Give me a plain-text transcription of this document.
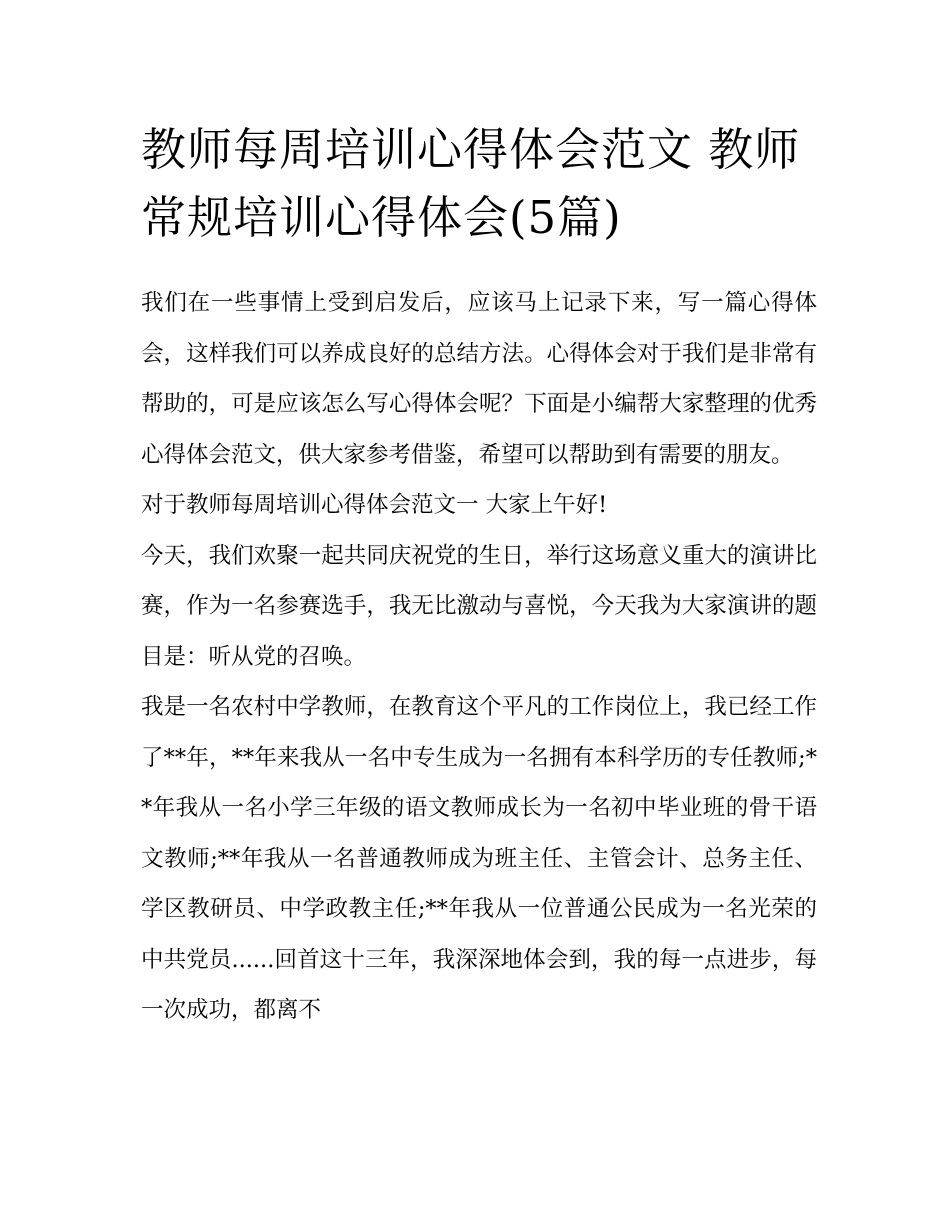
教师每周培训心得体会范文 教师常规培训心得体会(5篇)

我们在一些事情上受到启发后，应该马上记录下来，写一篇心得体会，这样我们可以养成良好的总结方法。心得体会对于我们是非常有帮助的，可是应该怎么写心得体会呢？下面是小编帮大家整理的优秀心得体会范文，供大家参考借鉴，希望可以帮助到有需要的朋友。

对于教师每周培训心得体会范文一 大家上午好!

今天，我们欢聚一起共同庆祝党的生日，举行这场意义重大的演讲比赛，作为一名参赛选手，我无比激动与喜悦，今天我为大家演讲的题目是：听从党的召唤。

我是一名农村中学教师，在教育这个平凡的工作岗位上，我已经工作了**年，**年来我从一名中专生成为一名拥有本科学历的专任教师;**年我从一名小学三年级的语文教师成长为一名初中毕业班的骨干语文教师;**年我从一名普通教师成为班主任、主管会计、总务主任、学区教研员、中学政教主任;**年我从一位普通公民成为一名光荣的中共党员......回首这十三年，我深深地体会到，我的每一点进步，每一次成功，都离不
